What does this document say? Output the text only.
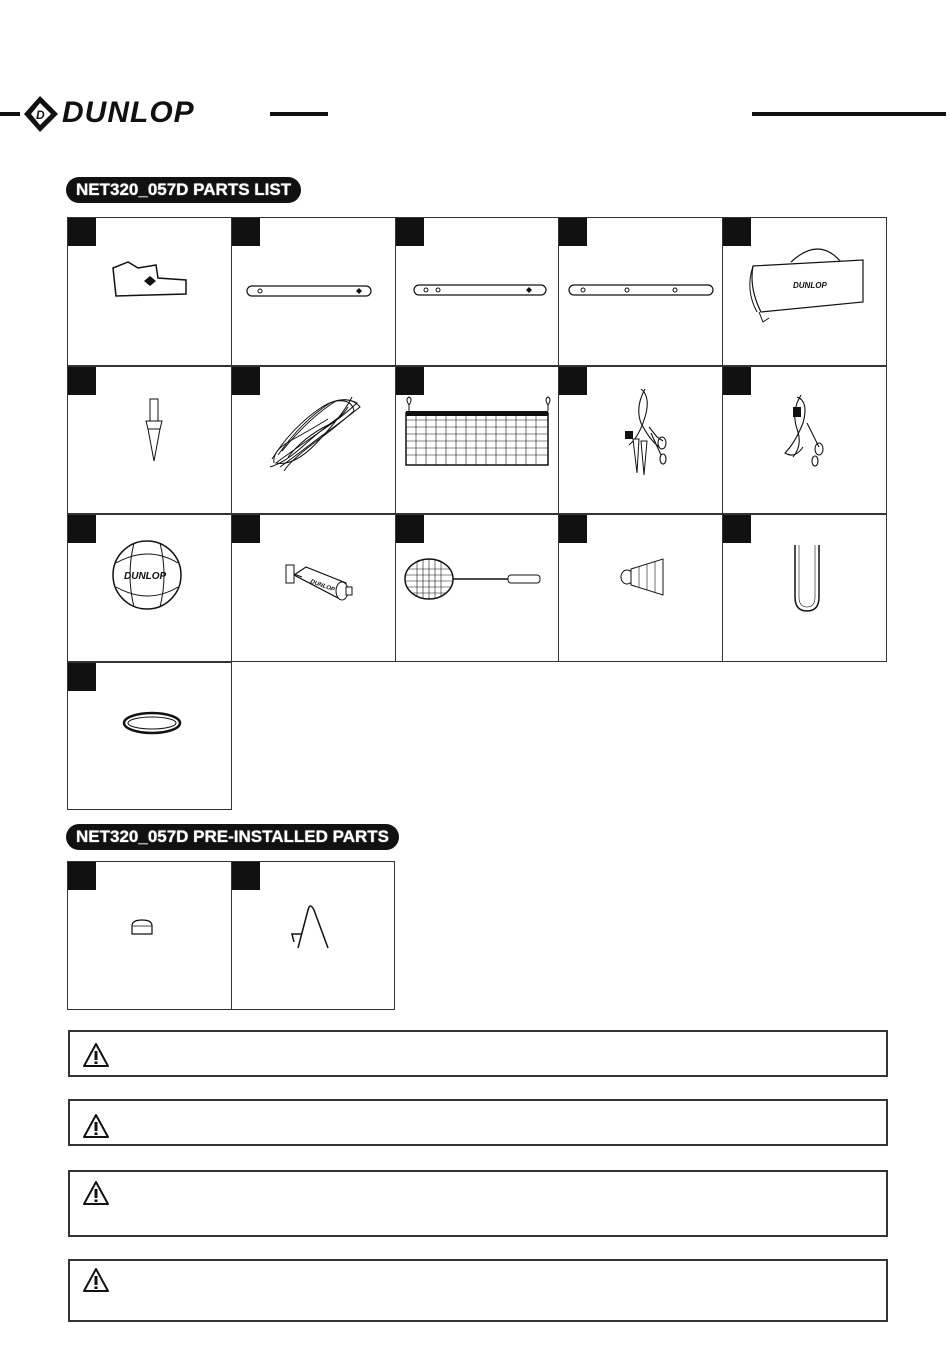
D DUNLOP
NET320_057D PARTS LIST
DUNLOP
DUNLOP
DUNLOP
NET320_057D PRE-INSTALLED PARTS
